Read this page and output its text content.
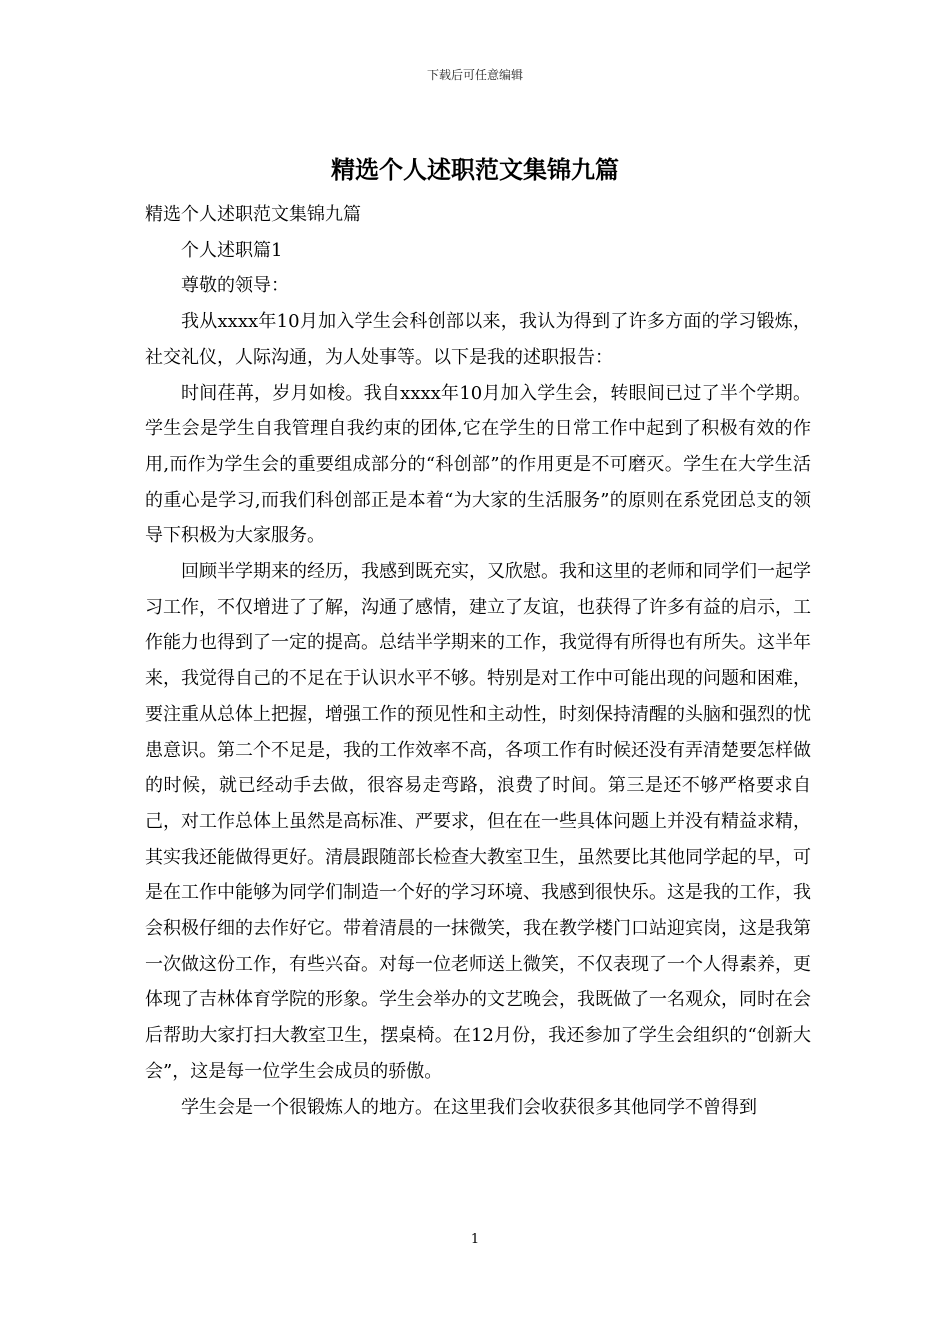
下载后可任意编辑
精选个人述职范文集锦九篇

精选个人述职范文集锦九篇

个人述职篇1

尊敬的领导：

我从xxxx年10月加入学生会科创部以来，我认为得到了许多方面的学习锻炼，社交礼仪，人际沟通，为人处事等。以下是我的述职报告：

时间荏苒，岁月如梭。我自xxxx年10月加入学生会，转眼间已过了半个学期。学生会是学生自我管理自我约束的团体,它在学生的日常工作中起到了积极有效的作用,而作为学生会的重要组成部分的“科创部”的作用更是不可磨灭。学生在大学生活的重心是学习,而我们科创部正是本着“为大家的生活服务”的原则在系党团总支的领导下积极为大家服务。

回顾半学期来的经历，我感到既充实，又欣慰。我和这里的老师和同学们一起学习工作，不仅增进了了解，沟通了感情，建立了友谊，也获得了许多有益的启示，工作能力也得到了一定的提高。总结半学期来的工作，我觉得有所得也有所失。这半年来，我觉得自己的不足在于认识水平不够。特别是对工作中可能出现的问题和困难，要注重从总体上把握，增强工作的预见性和主动性，时刻保持清醒的头脑和强烈的忧患意识。第二个不足是，我的工作效率不高，各项工作有时候还没有弄清楚要怎样做的时候，就已经动手去做，很容易走弯路，浪费了时间。第三是还不够严格要求自己，对工作总体上虽然是高标准、严要求，但在在一些具体问题上并没有精益求精，其实我还能做得更好。清晨跟随部长检查大教室卫生，虽然要比其他同学起的早，可是在工作中能够为同学们制造一个好的学习环境、我感到很快乐。这是我的工作，我会积极仔细的去作好它。带着清晨的一抹微笑，我在教学楼门口站迎宾岗，这是我第一次做这份工作，有些兴奋。对每一位老师送上微笑，不仅表现了一个人得素养，更体现了吉林体育学院的形象。学生会举办的文艺晚会，我既做了一名观众，同时在会后帮助大家打扫大教室卫生，摆桌椅。在12月份，我还参加了学生会组织的“创新大会”，这是每一位学生会成员的骄傲。

学生会是一个很锻炼人的地方。在这里我们会收获很多其他同学不曾得到

1
